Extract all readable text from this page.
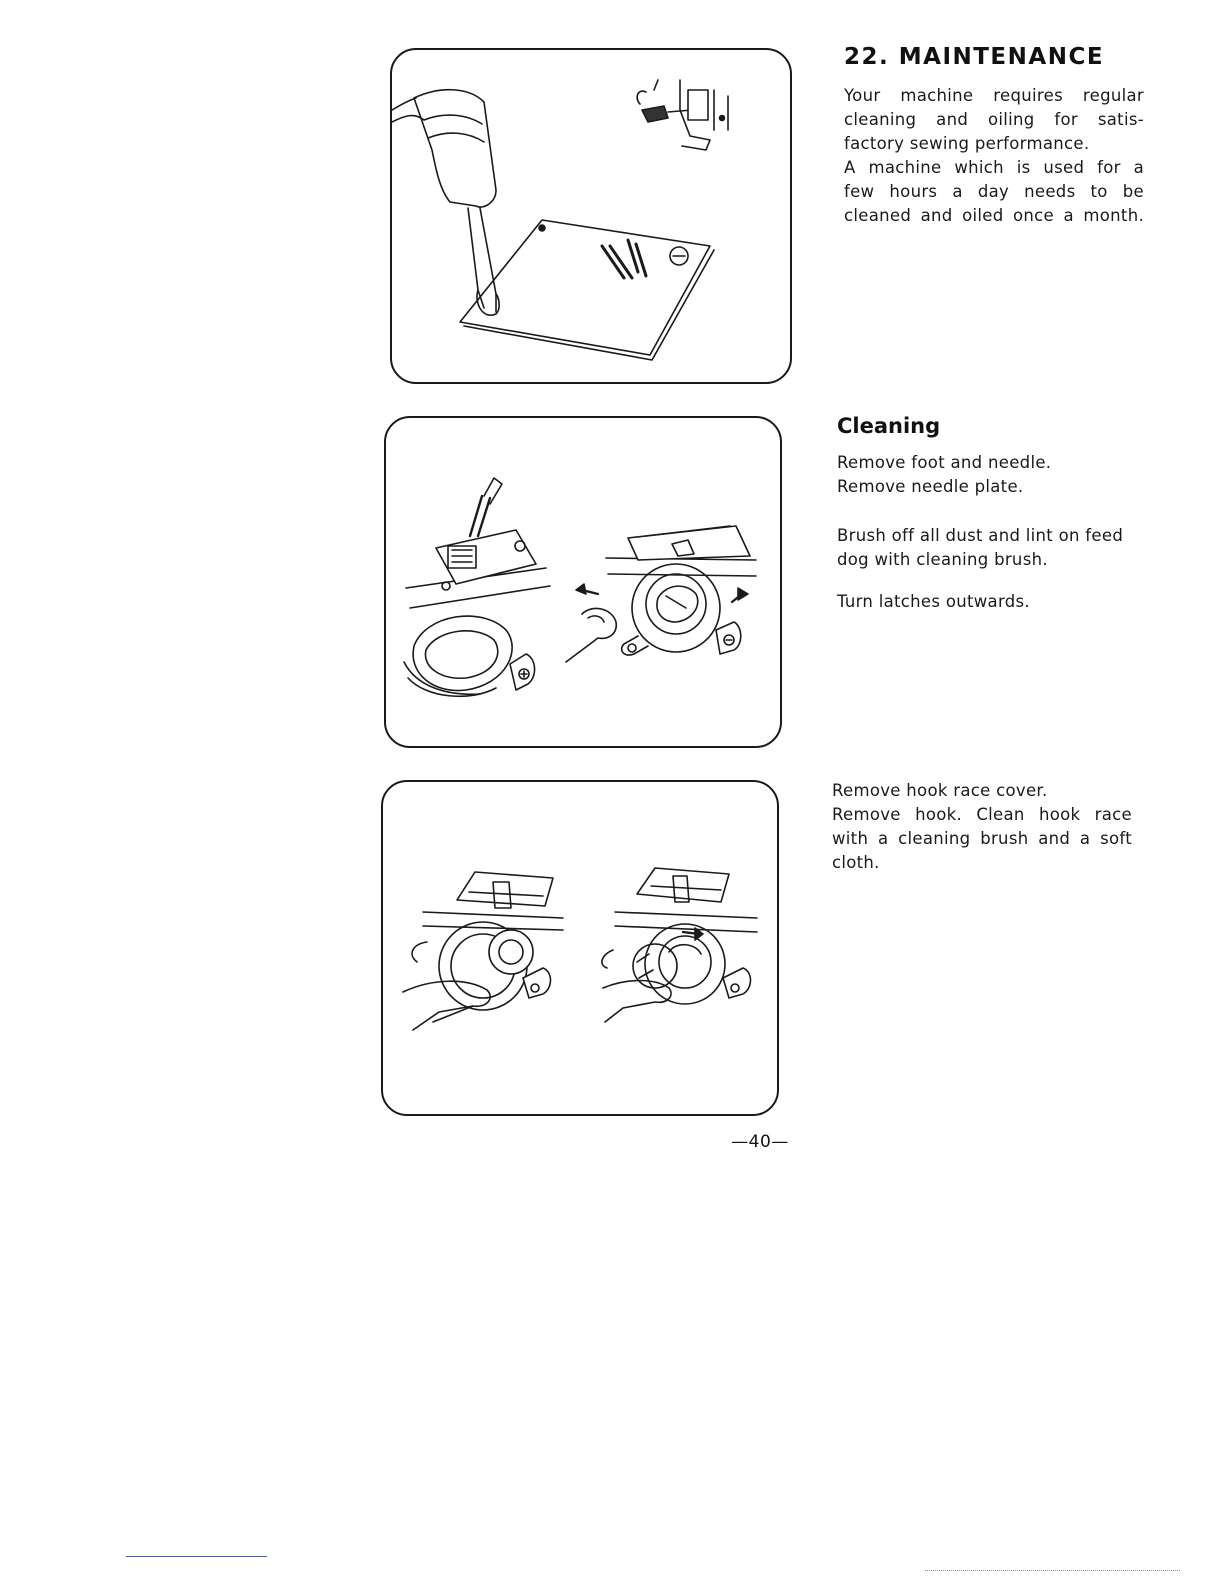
22. MAINTENANCE

Your machine requires regular
cleaning and oiling for satis-
factory sewing performance.
A machine which is used for a
few hours a day needs to be
cleaned and oiled once a month.

Cleaning

Remove foot and needle.
Remove needle plate.

Brush off all dust and lint on feed
dog with cleaning brush.

Turn latches outwards.

Remove hook race cover.
Remove hook. Clean hook race
with a cleaning brush and a soft
cloth.

—40—
